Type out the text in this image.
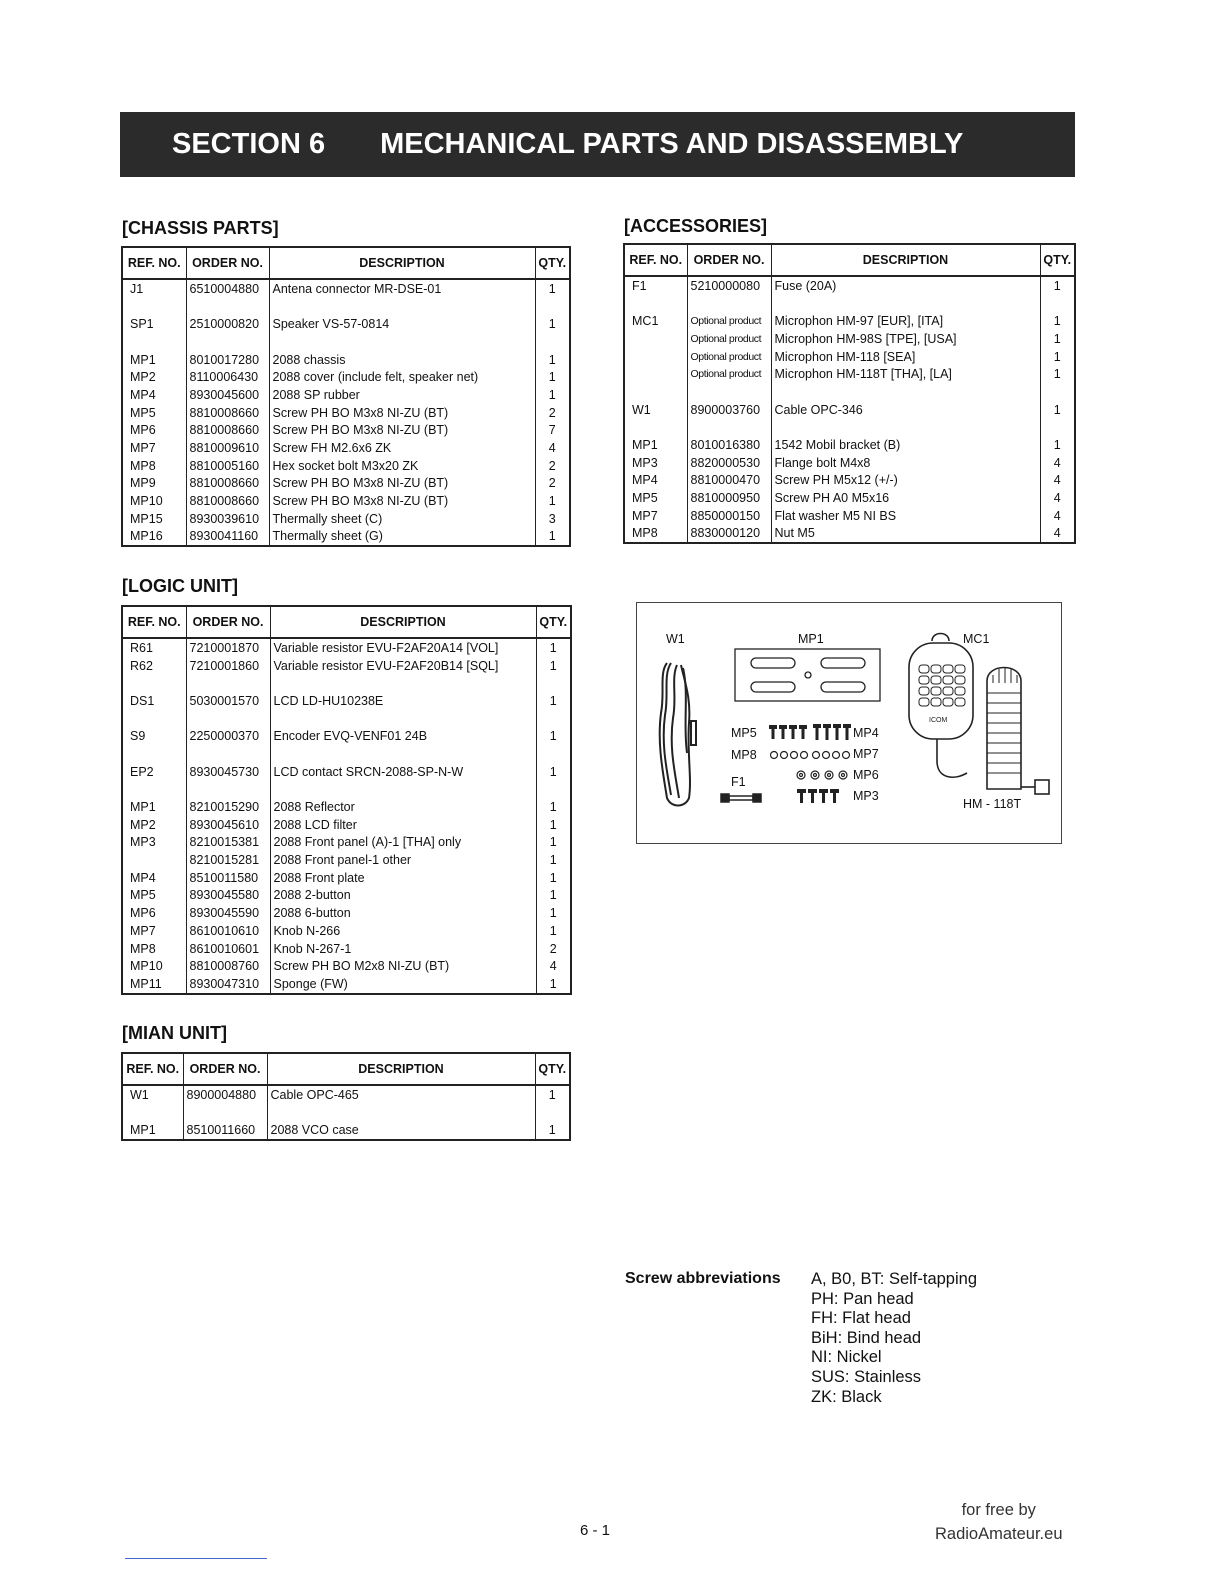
SECTION 6 MECHANICAL PARTS AND DISASSEMBLY
[CHASSIS PARTS]
REF. NO.	ORDER NO.	DESCRIPTION	QTY.
J1	6510004880	Antena connector MR-DSE-01	1

SP1	2510000820	Speaker VS-57-0814	1

MP1	8010017280	2088 chassis	1
MP2	8110006430	2088 cover (include felt, speaker net)	1
MP4	8930045600	2088 SP rubber	1
MP5	8810008660	Screw PH BO M3x8 NI-ZU (BT)	2
MP6	8810008660	Screw PH BO M3x8 NI-ZU (BT)	7
MP7	8810009610	Screw FH M2.6x6 ZK	4
MP8	8810005160	Hex socket bolt M3x20 ZK	2
MP9	8810008660	Screw PH BO M3x8 NI-ZU (BT)	2
MP10	8810008660	Screw PH BO M3x8 NI-ZU (BT)	1
MP15	8930039610	Thermally sheet (C)	3
MP16	8930041160	Thermally sheet (G)	1
[ACCESSORIES]
REF. NO.	ORDER NO.	DESCRIPTION	QTY.
F1	5210000080	Fuse (20A)	1

MC1	Optional product	Microphon HM-97 [EUR], [ITA]	1
	Optional product	Microphon HM-98S [TPE], [USA]	1
	Optional product	Microphon HM-118 [SEA]	1
	Optional product	Microphon HM-118T [THA], [LA]	1

W1	8900003760	Cable OPC-346	1

MP1	8010016380	1542 Mobil bracket (B)	1
MP3	8820000530	Flange bolt M4x8	4
MP4	8810000470	Screw PH M5x12 (+/-)	4
MP5	8810000950	Screw PH A0 M5x16	4
MP7	8850000150	Flat washer M5 NI BS	4
MP8	8830000120	Nut M5	4
[LOGIC UNIT]
REF. NO.	ORDER NO.	DESCRIPTION	QTY.
R61	7210001870	Variable resistor EVU-F2AF20A14 [VOL]	1
R62	7210001860	Variable resistor EVU-F2AF20B14 [SQL]	1

DS1	5030001570	LCD LD-HU10238E	1

S9	2250000370	Encoder EVQ-VENF01 24B	1

EP2	8930045730	LCD contact SRCN-2088-SP-N-W	1

MP1	8210015290	2088 Reflector	1
MP2	8930045610	2088 LCD filter	1
MP3	8210015381	2088 Front panel (A)-1 [THA] only	1
	8210015281	2088 Front panel-1 other	1
MP4	8510011580	2088 Front plate	1
MP5	8930045580	2088 2-button	1
MP6	8930045590	2088 6-button	1
MP7	8610010610	Knob N-266	1
MP8	8610010601	Knob N-267-1	2
MP10	8810008760	Screw PH BO M2x8 NI-ZU (BT)	4
MP11	8930047310	Sponge (FW)	1
[MIAN UNIT]
REF. NO.	ORDER NO.	DESCRIPTION	QTY.
W1	8900004880	Cable OPC-465	1

MP1	8510011660	2088 VCO case	1
W1	MP1	MC1
MP5	MP4
MP8	MP7
MP6
F1
MP3
HM - 118T
ICOM
Screw abbreviations A, B0, BT: Self-tapping
PH: Pan head
FH: Flat head
BiH: Bind head
NI: Nickel
SUS: Stainless
ZK: Black
6 - 1
for free by
RadioAmateur.eu
